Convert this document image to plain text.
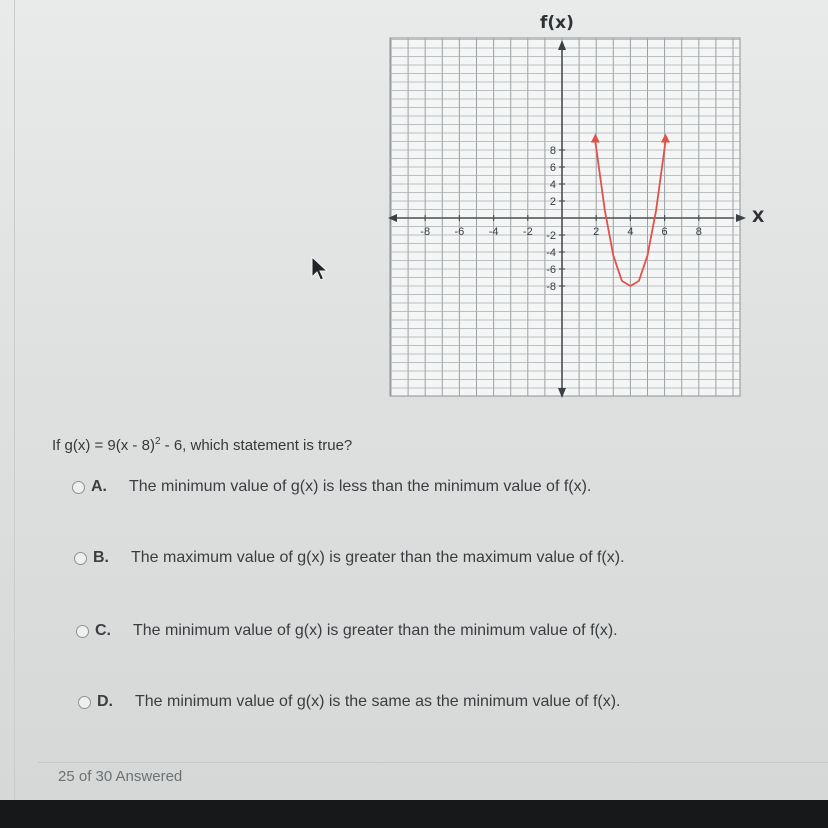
f(x)
-8 -6 -4 -2	2	4	6	8
8
6
4
2
-2
-4
-6
-8
X
If g(x) = 9(x - 8)$^2$ - 6, which statement is true?
A.	The minimum value of g(x) is less than the minimum value of f(x).
B.	The maximum value of g(x) is greater than the maximum value of f(x).
C.	The minimum value of g(x) is greater than the minimum value of f(x).
D.	The minimum value of g(x) is the same as the minimum value of f(x).
25 of 30 Answered
